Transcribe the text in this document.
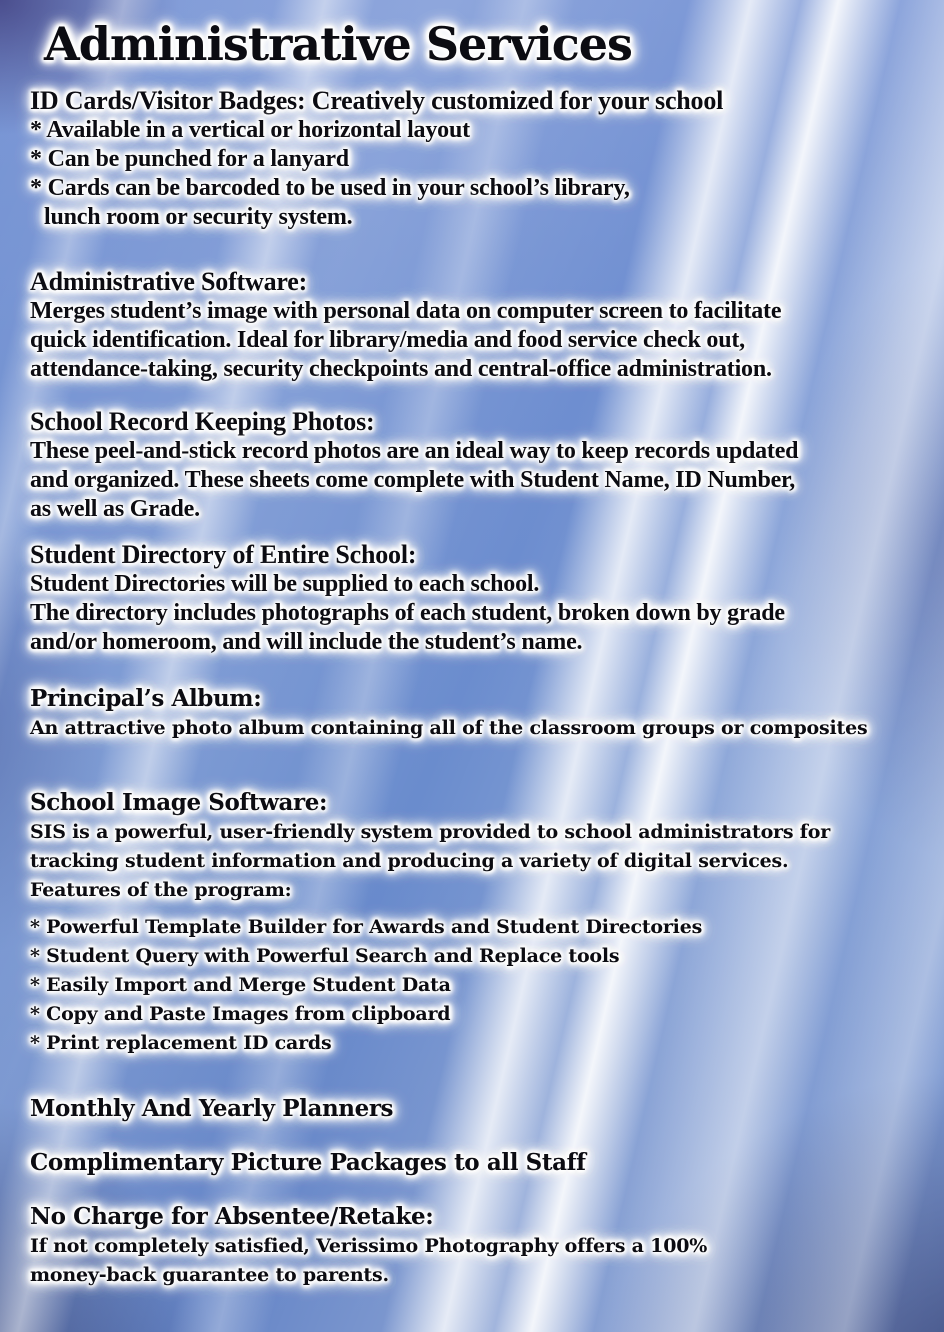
Administrative Services
ID Cards/Visitor Badges: Creatively customized for your school
* Available in a vertical or horizontal layout
* Can be punched for a lanyard
* Cards can be barcoded to be used in your school’s library,
lunch room or security system.
Administrative Software:
Merges student’s image with personal data on computer screen to facilitate
quick identification. Ideal for library/media and food service check out,
attendance-taking, security checkpoints and central-office administration.
School Record Keeping Photos:
These peel-and-stick record photos are an ideal way to keep records updated
and organized. These sheets come complete with Student Name, ID Number,
as well as Grade.
Student Directory of Entire School:
Student Directories will be supplied to each school.
The directory includes photographs of each student, broken down by grade
and/or homeroom, and will include the student’s name.
Principal’s Album:
An attractive photo album containing all of the classroom groups or composites
School Image Software:
SIS is a powerful, user-friendly system provided to school administrators for
tracking student information and producing a variety of digital services.
Features of the program:
* Powerful Template Builder for Awards and Student Directories
* Student Query with Powerful Search and Replace tools
* Easily Import and Merge Student Data
* Copy and Paste Images from clipboard
* Print replacement ID cards
Monthly And Yearly Planners
Complimentary Picture Packages to all Staff
No Charge for Absentee/Retake:
If not completely satisfied, Verissimo Photography offers a 100%
money-back guarantee to parents.
